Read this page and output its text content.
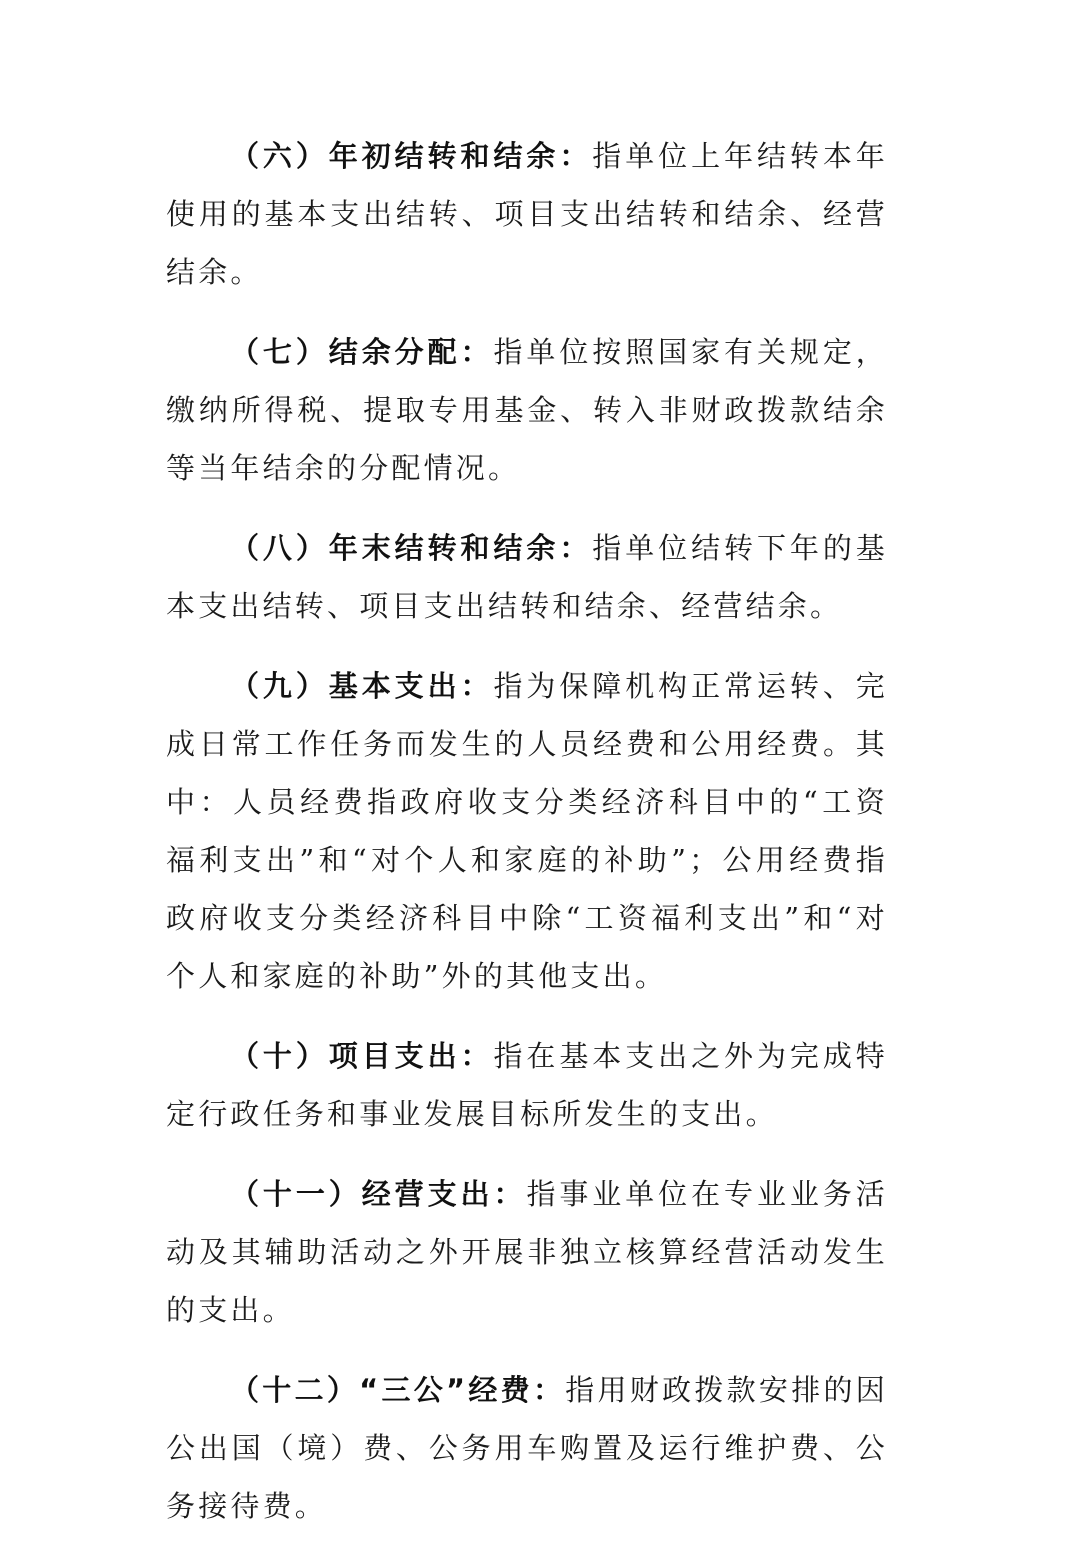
（六）年初结转和结余：指单位上年结转本年使用的基本支出结转、项目支出结转和结余、经营结余。

（七）结余分配：指单位按照国家有关规定，缴纳所得税、提取专用基金、转入非财政拨款结余等当年结余的分配情况。

（八）年末结转和结余：指单位结转下年的基本支出结转、项目支出结转和结余、经营结余。

（九）基本支出：指为保障机构正常运转、完成日常工作任务而发生的人员经费和公用经费。其中：人员经费指政府收支分类经济科目中的“工资福利支出”和“对个人和家庭的补助”；公用经费指政府收支分类经济科目中除“工资福利支出”和“对个人和家庭的补助”外的其他支出。

（十）项目支出：指在基本支出之外为完成特定行政任务和事业发展目标所发生的支出。

（十一）经营支出：指事业单位在专业业务活动及其辅助活动之外开展非独立核算经营活动发生的支出。

（十二）“三公”经费：指用财政拨款安排的因公出国（境）费、公务用车购置及运行维护费、公务接待费。
